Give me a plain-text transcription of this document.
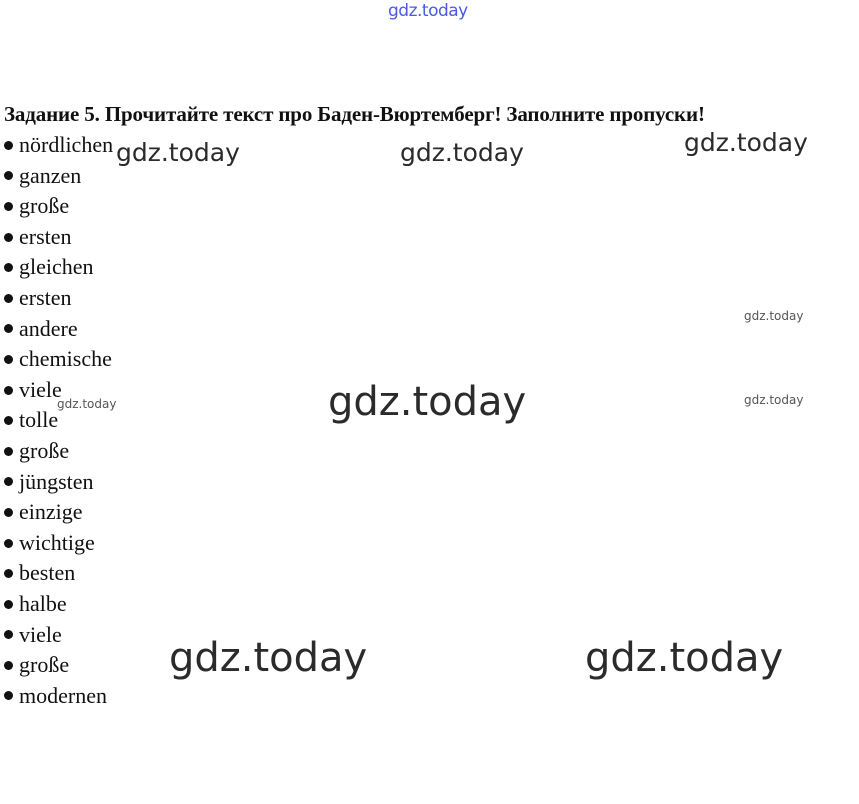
gdz.today
Задание 5. Прочитайте текст про Баден-Вюртемберг! Заполните пропуски!
nördlichen
ganzen
große
ersten
gleichen
ersten
andere
chemische
viele
tolle
große
jüngsten
einzige
wichtige
besten
halbe
viele
große
modernen
gdz.today	gdz.today	gdz.today
gdz.today
gdz.today	gdz.today
gdz.today
gdz.today	gdz.today
